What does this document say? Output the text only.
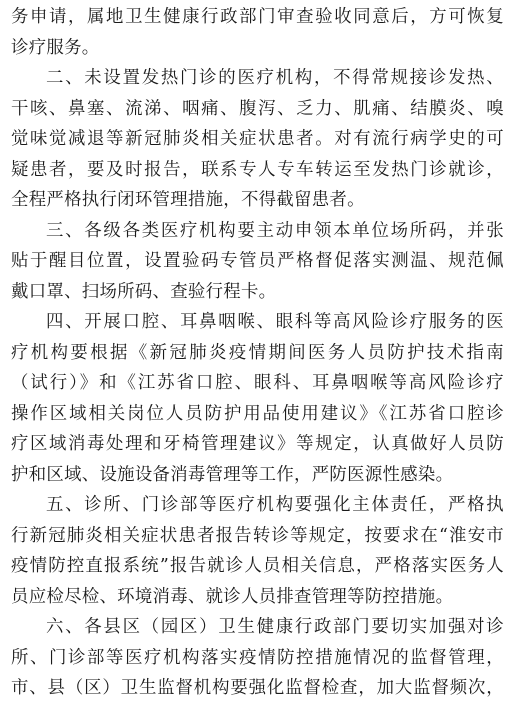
务申请，属地卫生健康行政部门审查验收同意后，方可恢复
诊疗服务。

二、未设置发热门诊的医疗机构，不得常规接诊发热、
干咳、鼻塞、流涕、咽痛、腹泻、乏力、肌痛、结膜炎、嗅
觉味觉减退等新冠肺炎相关症状患者。对有流行病学史的可
疑患者，要及时报告，联系专人专车转运至发热门诊就诊，
全程严格执行闭环管理措施，不得截留患者。

三、各级各类医疗机构要主动申领本单位场所码，并张
贴于醒目位置，设置验码专管员严格督促落实测温、规范佩
戴口罩、扫场所码、查验行程卡。

四、开展口腔、耳鼻咽喉、眼科等高风险诊疗服务的医
疗机构要根据《新冠肺炎疫情期间医务人员防护技术指南
（试行）》和《江苏省口腔、眼科、耳鼻咽喉等高风险诊疗
操作区域相关岗位人员防护用品使用建议》《江苏省口腔诊
疗区域消毒处理和牙椅管理建议》等规定，认真做好人员防
护和区域、设施设备消毒管理等工作，严防医源性感染。

五、诊所、门诊部等医疗机构要强化主体责任，严格执
行新冠肺炎相关症状患者报告转诊等规定，按要求在“淮安市
疫情防控直报系统”报告就诊人员相关信息，严格落实医务人
员应检尽检、环境消毒、就诊人员排查管理等防控措施。

六、各县区（园区）卫生健康行政部门要切实加强对诊
所、门诊部等医疗机构落实疫情防控措施情况的监督管理，
市、县（区）卫生监督机构要强化监督检查，加大监督频次，
